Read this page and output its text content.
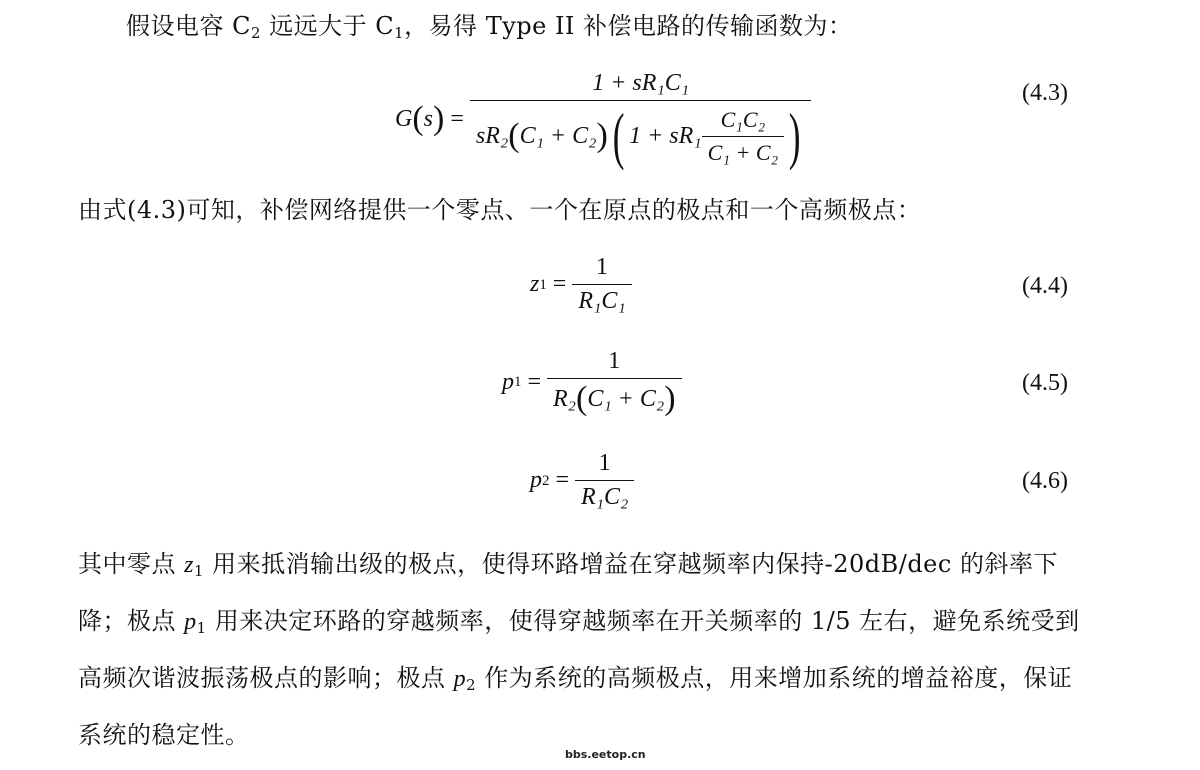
假设电容 $C_2$ 远远大于 $C_1$，易得 Type II 补偿电路的传输函数为：

G ( s ) =
1 + sR₁C₁
sR₂ ( C₁ + C₂ ) ( $1 + sR_1 \frac{\text{C₁C₂}}{\text{C₁ + C₂}}$ )
(4.3)

由式(4.3)可知，补偿网络提供一个零点、一个在原点的极点和一个高频极点：

z $1 = \frac{1}{\text{R₁C₁}}$	(4.4)
p $1 = \frac{1}{\text{R₂ ( C₁ + C₂ )}}$	(4.5)
p $2 = \frac{1}{\text{R₁C₂}}$	(4.6)

其中零点 $z_1$ 用来抵消输出级的极点，使得环路增益在穿越频率内保持-20dB/dec 的斜率下降；极点 $p_1$ 用来决定环路的穿越频率，使得穿越频率在开关频率的 1/5 左右，避免系统受到高频次谐波振荡极点的影响；极点 $p_2$ 作为系统的高频极点，用来增加系统的增益裕度，保证系统的稳定性。

bbs.eetop.cn
